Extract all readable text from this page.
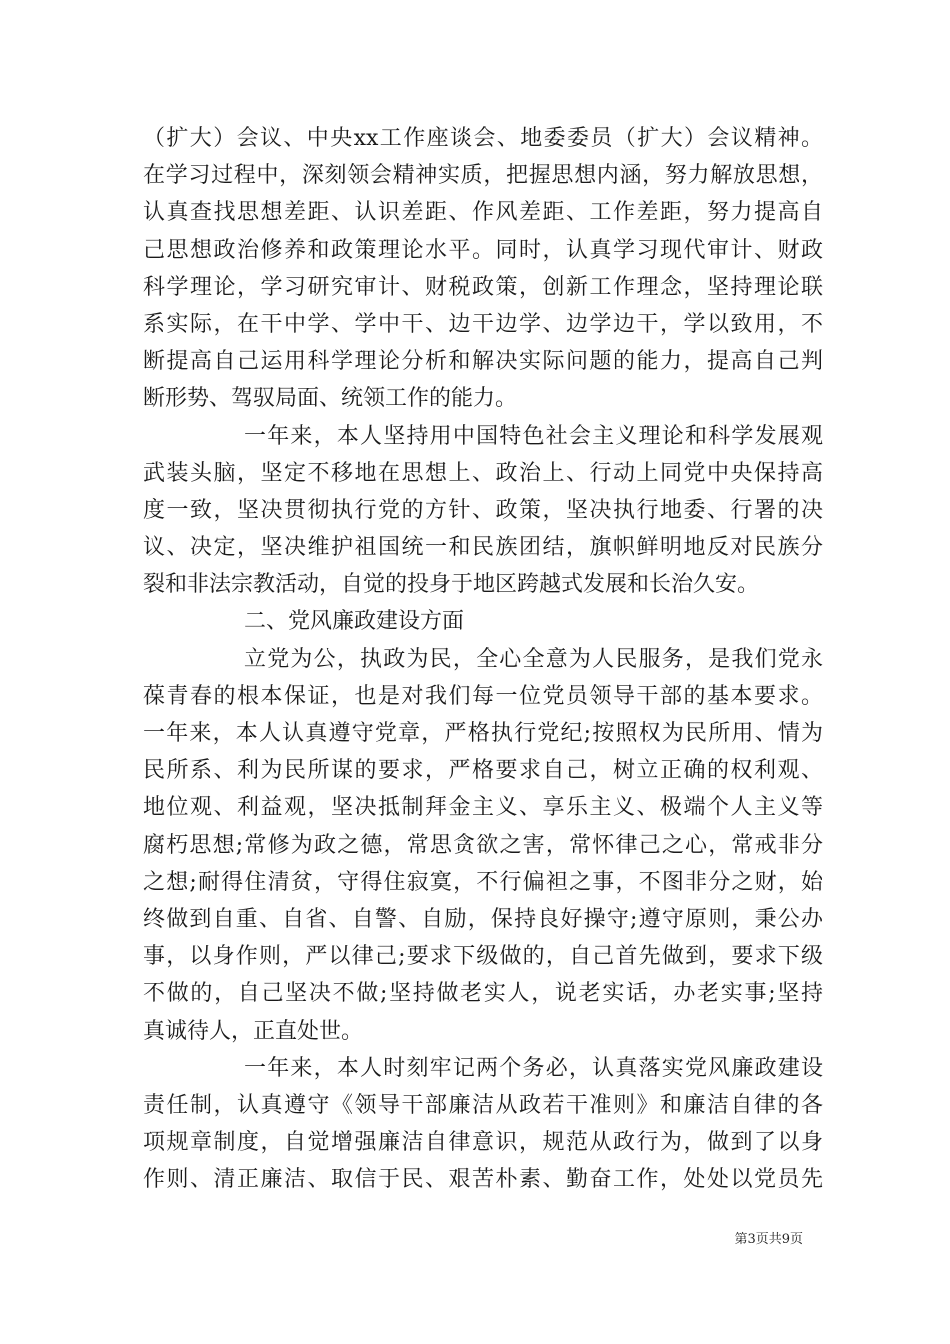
（扩大）会议、中央xx工作座谈会、地委委员（扩大）会议精神。
在学习过程中，深刻领会精神实质，把握思想内涵，努力解放思想，
认真查找思想差距、认识差距、作风差距、工作差距，努力提高自
己思想政治修养和政策理论水平。同时，认真学习现代审计、财政
科学理论，学习研究审计、财税政策，创新工作理念，坚持理论联
系实际，在干中学、学中干、边干边学、边学边干，学以致用，不
断提高自己运用科学理论分析和解决实际问题的能力，提高自己判
断形势、驾驭局面、统领工作的能力。
一年来，本人坚持用中国特色社会主义理论和科学发展观
武装头脑，坚定不移地在思想上、政治上、行动上同党中央保持高
度一致，坚决贯彻执行党的方针、政策，坚决执行地委、行署的决
议、决定，坚决维护祖国统一和民族团结，旗帜鲜明地反对民族分
裂和非法宗教活动，自觉的投身于地区跨越式发展和长治久安。
二、党风廉政建设方面
立党为公，执政为民，全心全意为人民服务，是我们党永
葆青春的根本保证，也是对我们每一位党员领导干部的基本要求。
一年来，本人认真遵守党章，严格执行党纪;按照权为民所用、情为
民所系、利为民所谋的要求，严格要求自己，树立正确的权利观、
地位观、利益观，坚决抵制拜金主义、享乐主义、极端个人主义等
腐朽思想;常修为政之德，常思贪欲之害，常怀律己之心，常戒非分
之想;耐得住清贫，守得住寂寞，不行偏袒之事，不图非分之财，始
终做到自重、自省、自警、自励，保持良好操守;遵守原则，秉公办
事，以身作则，严以律己;要求下级做的，自己首先做到，要求下级
不做的，自己坚决不做;坚持做老实人，说老实话，办老实事;坚持
真诚待人，正直处世。
一年来，本人时刻牢记两个务必，认真落实党风廉政建设
责任制，认真遵守《领导干部廉洁从政若干准则》和廉洁自律的各
项规章制度，自觉增强廉洁自律意识，规范从政行为，做到了以身
作则、清正廉洁、取信于民、艰苦朴素、勤奋工作，处处以党员先
第3页共9页
